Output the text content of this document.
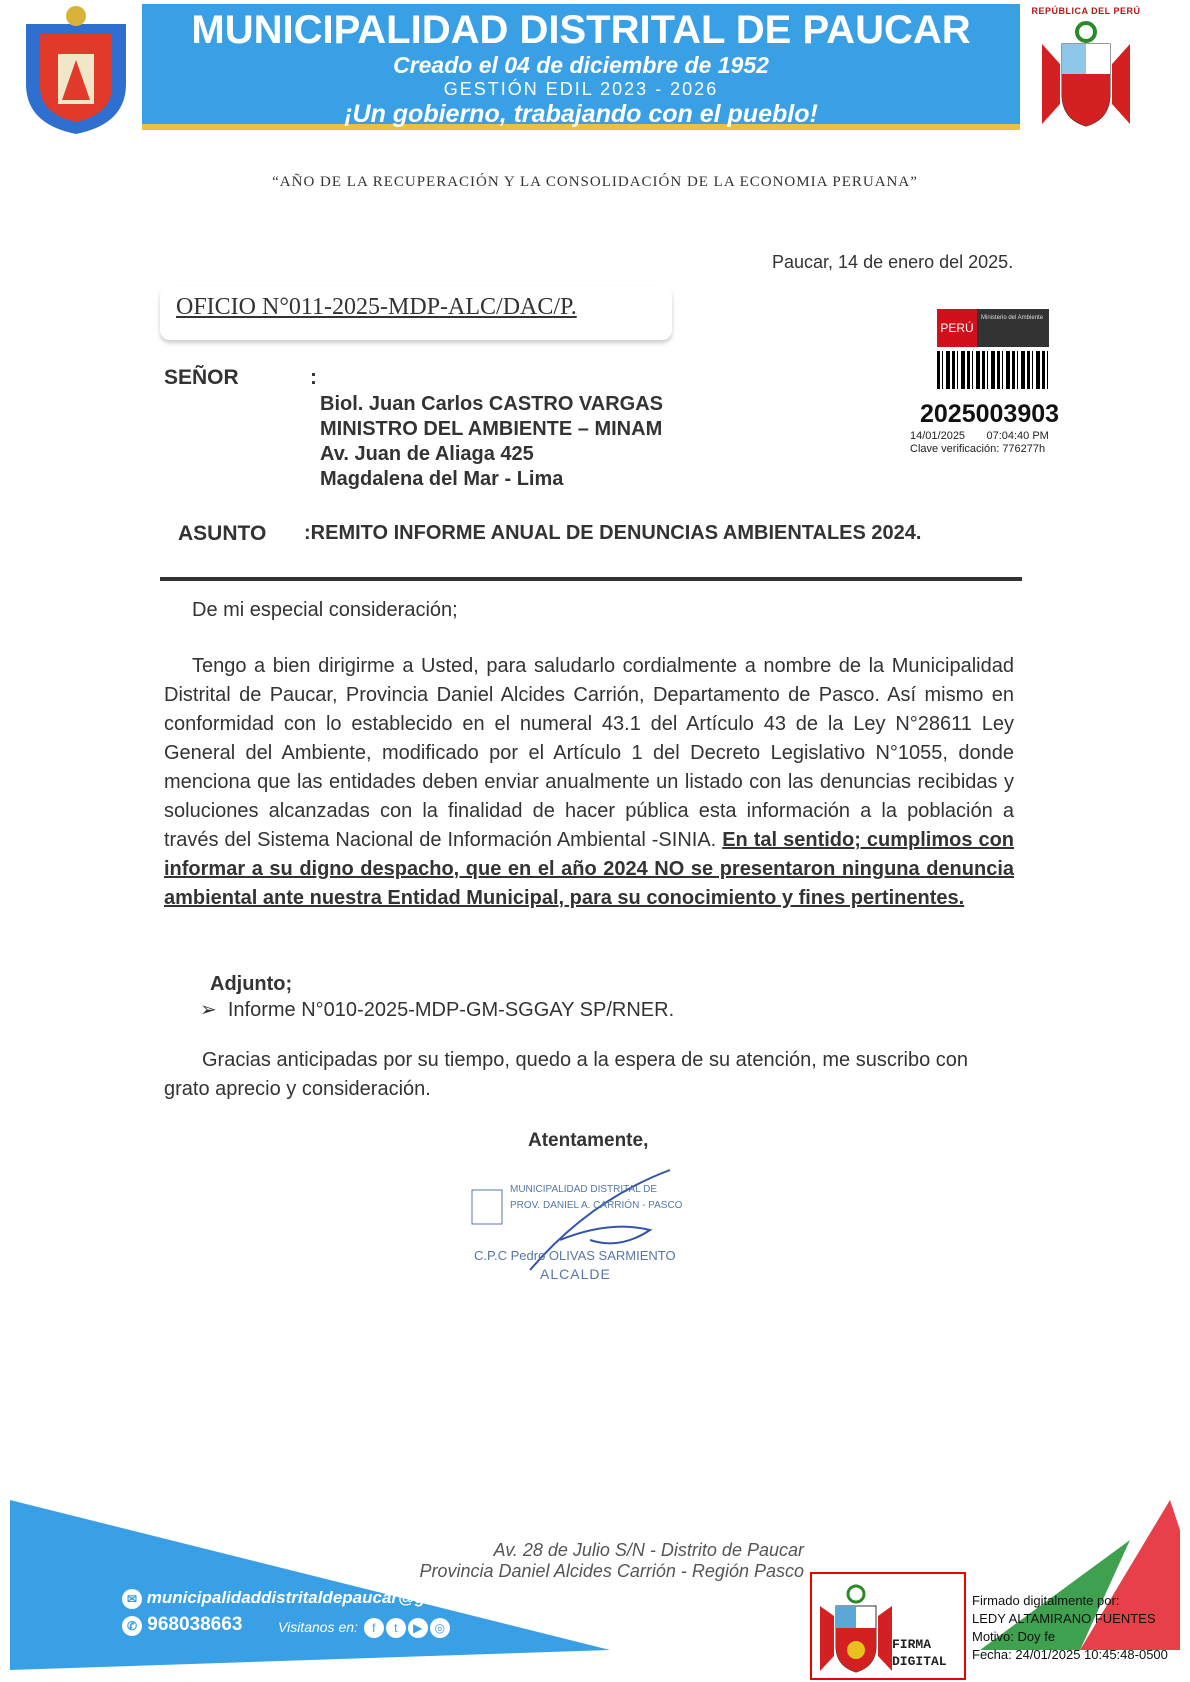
MUNICIPALIDAD DISTRITAL DE PAUCAR
Creado el 04 de diciembre de 1952
GESTIÓN EDIL 2023 - 2026
¡Un gobierno, trabajando con el pueblo!
REPÚBLICA DEL PERÚ
“AÑO DE LA RECUPERACIÓN Y LA CONSOLIDACIÓN DE LA ECONOMIA PERUANA”
Paucar, 14 de enero del 2025.
OFICIO N°011-2025-MDP-ALC/DAC/P.
PERÚ
Ministerio del Ambiente
2025003903
14/01/2025 07:04:40 PM
Clave verificación: 776277h
SEÑOR	:
Biol. Juan Carlos CASTRO VARGAS
MINISTRO DEL AMBIENTE – MINAM
Av. Juan de Aliaga 425
Magdalena del Mar - Lima
ASUNTO :REMITO INFORME ANUAL DE DENUNCIAS AMBIENTALES 2024.
De mi especial consideración;
Tengo a bien dirigirme a Usted, para saludarlo cordialmente a nombre de la Municipalidad Distrital de Paucar, Provincia Daniel Alcides Carrión, Departamento de Pasco. Así mismo en conformidad con lo establecido en el numeral 43.1 del Artículo 43 de la Ley N°28611 Ley General del Ambiente, modificado por el Artículo 1 del Decreto Legislativo N°1055, donde menciona que las entidades deben enviar anualmente un listado con las denuncias recibidas y soluciones alcanzadas con la finalidad de hacer pública esta información a la población a través del Sistema Nacional de Información Ambiental -SINIA. En tal sentido; cumplimos con informar a su digno despacho, que en el año 2024 NO se presentaron ninguna denuncia ambiental ante nuestra Entidad Municipal, para su conocimiento y fines pertinentes.
Adjunto;
➢  Informe N°010-2025-MDP-GM-SGGAY SP/RNER.
Gracias anticipadas por su tiempo, quedo a la espera de su atención, me suscribo con grato aprecio y consideración.
Atentamente,
MUNICIPALIDAD DISTRITAL DE
PROV. DANIEL A. CARRIÓN - PASCO
C.P.C Pedro OLIVAS SARMIENTO
ALCALDE
✉ municipalidaddistritaldepaucar@gmail.com
✆ 968038663	Visitanos en: f t ▶ ◎
Av. 28 de Julio S/N - Distrito de Paucar
Provincia Daniel Alcides Carrión - Región Pasco
FIRMA
DIGITAL
Firmado digitalmente por:
LEDY ALTAMIRANO FUENTES
Motivo: Doy fe
Fecha: 24/01/2025 10:45:48-0500
